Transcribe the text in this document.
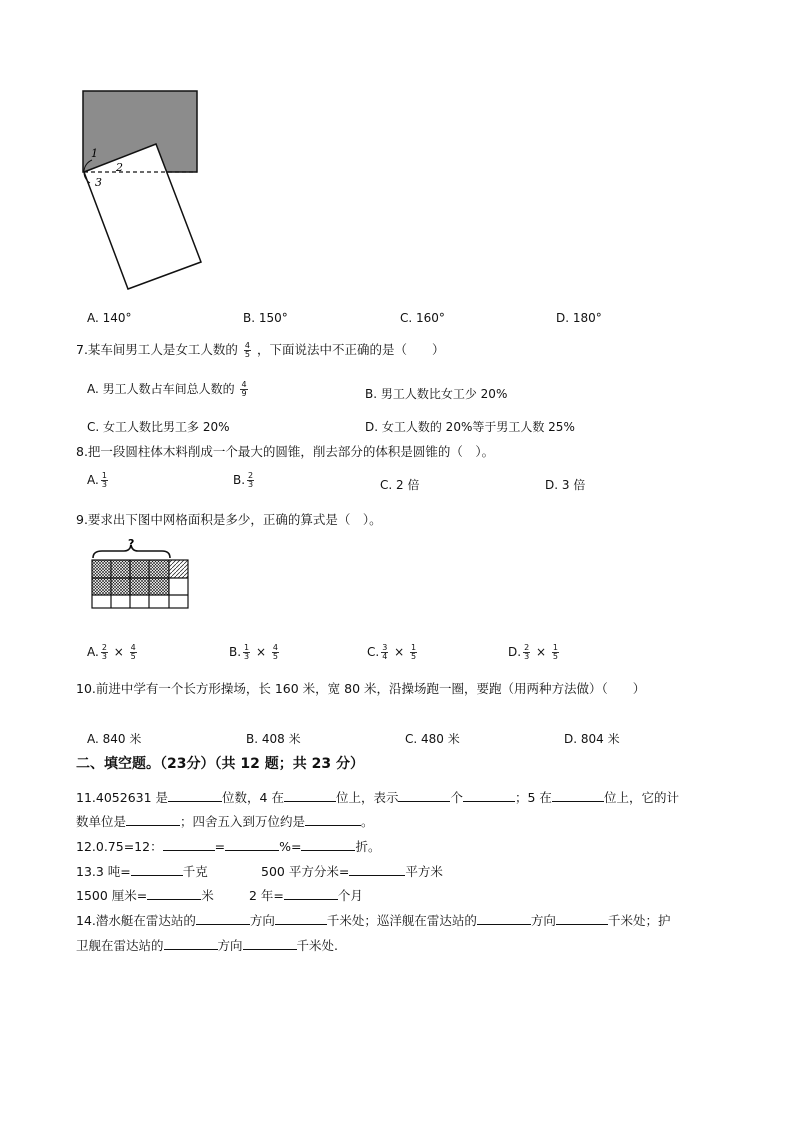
1
2
3
A. 140°	B. 150°	C. 160°	D. 180°
7.某车间男工人是女工人数的 $\frac{4}{5}$ ，下面说法中不正确的是（　　）
A. 男工人数占车间总人数的 $\frac{4}{9}$	B. 男工人数比女工少 20%
C. 女工人数比男工多 20%	D. 女工人数的 20%等于男工人数 25%
8.把一段圆柱体木料削成一个最大的圆锥，削去部分的体积是圆锥的（　）。
A. $\frac{1}{3}$	B. $\frac{2}{3}$	C. 2 倍	D. 3 倍
9.要求出下图中网格面积是多少，正确的算式是（　）。
?
A. $\frac{2}{3} \times \frac{4}{5}$	B. $\frac{1}{3} \times \frac{4}{5}$	C. $\frac{3}{4} \times \frac{1}{5}$	D. $\frac{2}{3} \times \frac{1}{5}$
10.前进中学有一个长方形操场，长 160 米，宽 80 米，沿操场跑一圈，要跑（用两种方法做）（　　）
A. 840 米	B. 408 米	C. 480 米	D. 804 米
二、填空题。（23分）（共 12 题；共 23 分）
11.4052631 是	位数，4 在	位上，表示	个	；5 在	位上，它的计
数单位是	；四舍五入到万位约是	。
12.0.75=12：	=	%=	折。
13.3 吨=	千克	500 平方分米=	平方米
1500 厘米=	米	2 年=	个月
14.潜水艇在雷达站的	方向	千米处；巡洋舰在雷达站的	方向	千米处；护
卫舰在雷达站的	方向	千米处.
